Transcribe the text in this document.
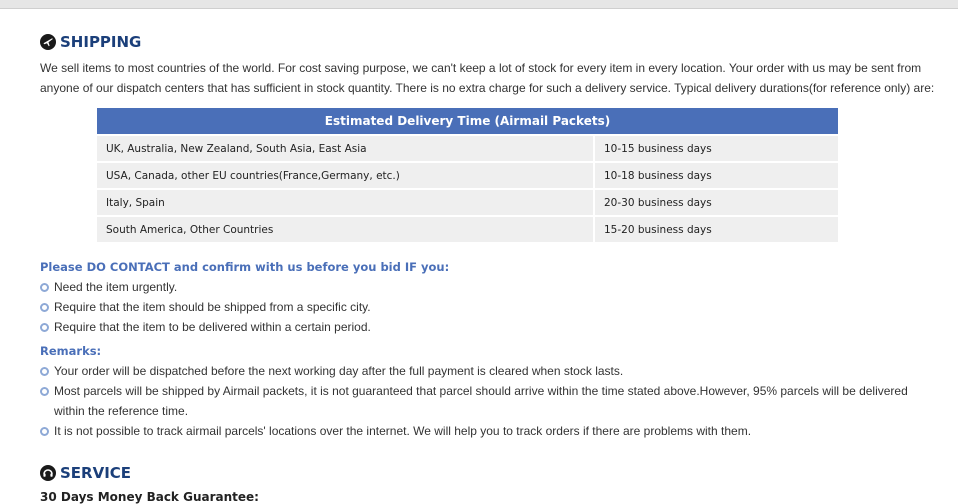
SHIPPING

We sell items to most countries of the world. For cost saving purpose, we can't keep a lot of stock for every item in every location. Your order with us may be sent from anyone of our dispatch centers that has sufficient in stock quantity. There is no extra charge for such a delivery service. Typical delivery durations(for reference only) are:

Estimated Delivery Time (Airmail Packets)	
UK, Australia, New Zealand, South Asia, East Asia	10-15 business days
USA, Canada, other EU countries(France,Germany, etc.)	10-18 business days
Italy, Spain	20-30 business days
South America, Other Countries	15-20 business days
Please DO CONTACT and confirm with us before you bid IF you:
Need the item urgently.
Require that the item should be shipped from a specific city.
Require that the item to be delivered within a certain period.
Remarks:
Your order will be dispatched before the next working day after the full payment is cleared when stock lasts.
Most parcels will be shipped by Airmail packets, it is not guaranteed that parcel should arrive within the time stated above.However, 95% parcels will be delivered within the reference time.
It is not possible to track airmail parcels' locations over the internet. We will help you to track orders if there are problems with them.
SERVICE
30 Days Money Back Guarantee:
